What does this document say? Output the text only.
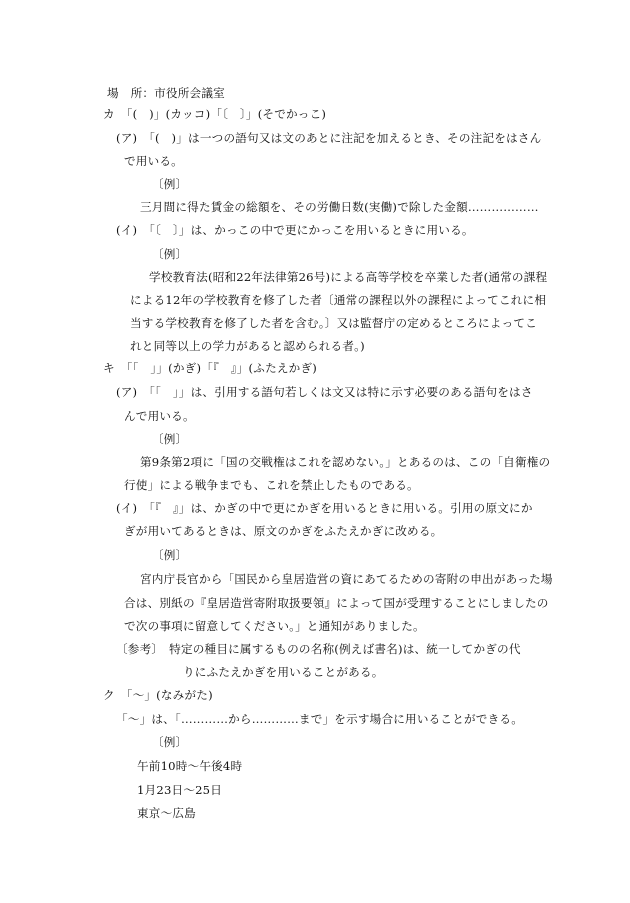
場　所：市役所会議室
カ　「(　)」(カッコ)「〔　〕」(そでかっこ)
(ア)　「(　)」は一つの語句又は文のあとに注記を加えるとき、その注記をはさん
で用いる。
〔例〕
三月間に得た賃金の総額を、その労働日数(実働)で除した金額………………
(イ)　「〔　〕」は、かっこの中で更にかっこを用いるときに用いる。
〔例〕
学校教育法(昭和22年法律第26号)による高等学校を卒業した者(通常の課程
による12年の学校教育を修了した者〔通常の課程以外の課程によってこれに相
当する学校教育を修了した者を含む。〕又は監督庁の定めるところによってこ
れと同等以上の学力があると認められる者。)
キ　「「　」」(かぎ)「『　』」(ふたえかぎ)
(ア)　「「　」」は、引用する語句若しくは文又は特に示す必要のある語句をはさ
んで用いる。
〔例〕
第9条第2項に「国の交戦権はこれを認めない。」とあるのは、この「自衛権の
行使」による戦争までも、これを禁止したものである。
(イ)　「『　』」は、かぎの中で更にかぎを用いるときに用いる。引用の原文にか
ぎが用いてあるときは、原文のかぎをふたえかぎに改める。
〔例〕
宮内庁長官から「国民から皇居造営の資にあてるための寄附の申出があった場
合は、別紙の『皇居造営寄附取扱要領』によって国が受理することにしましたの
で次の事項に留意してください。」と通知がありました。
〔参考〕　特定の種目に属するものの名称(例えば書名)は、統一してかぎの代
りにふたえかぎを用いることがある。
ク　「～」(なみがた)
「～」は、「…………から…………まで」を示す場合に用いることができる。
〔例〕
午前10時～午後4時
1月23日～25日
東京～広島
